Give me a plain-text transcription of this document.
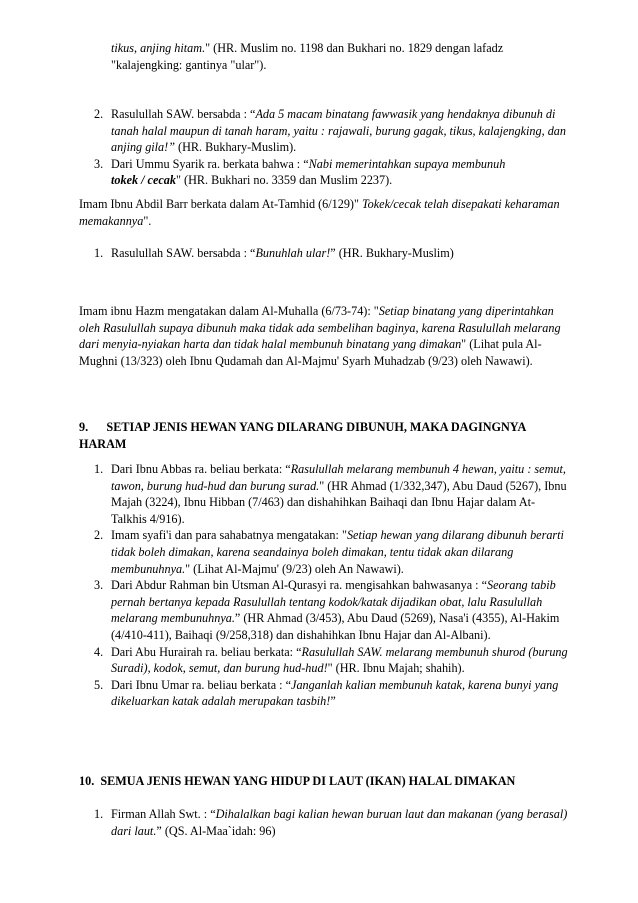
tikus, anjing hitam." (HR. Muslim no. 1198 dan Bukhari no. 1829 dengan lafadz "kalajengking: gantinya "ular").

2. Rasulullah SAW. bersabda : “Ada 5 macam binatang fawwasik yang hendaknya dibunuh di tanah halal maupun di tanah haram, yaitu : rajawali, burung gagak, tikus, kalajengking, dan anjing gila!” (HR. Bukhary-Muslim).
3. Dari Ummu Syarik ra. berkata bahwa : “Nabi memerintahkan supaya membunuh
tokek / cecak" (HR. Bukhari no. 3359 dan Muslim 2237).

Imam Ibnu Abdil Barr berkata dalam At-Tamhid (6/129)" Tokek/cecak telah disepakati keharaman memakannya".

1. Rasulullah SAW. bersabda : “Bunuhlah ular!” (HR. Bukhary-Muslim)

Imam ibnu Hazm mengatakan dalam Al-Muhalla (6/73-74): "Setiap binatang yang diperintahkan oleh Rasulullah supaya dibunuh maka tidak ada sembelihan baginya, karena Rasulullah melarang dari menyia-nyiakan harta dan tidak halal membunuh binatang yang dimakan" (Lihat pula Al-Mughni (13/323) oleh Ibnu Qudamah dan Al-Majmu' Syarh Muhadzab (9/23) oleh Nawawi).

9.      SETIAP JENIS HEWAN YANG DILARANG DIBUNUH, MAKA DAGINGNYA HARAM

1. Dari Ibnu Abbas ra. beliau berkata: “Rasulullah melarang membunuh 4 hewan, yaitu : semut, tawon, burung hud-hud dan burung surad." (HR Ahmad (1/332,347), Abu Daud (5267), Ibnu Majah (3224), Ibnu Hibban (7/463) dan dishahihkan Baihaqi dan Ibnu Hajar dalam At-Talkhis 4/916).
2. Imam syafi'i dan para sahabatnya mengatakan: "Setiap hewan yang dilarang dibunuh berarti tidak boleh dimakan, karena seandainya boleh dimakan, tentu tidak akan dilarang membunuhnya." (Lihat Al-Majmu' (9/23) oleh An Nawawi).
3. Dari Abdur Rahman bin Utsman Al-Qurasyi ra. mengisahkan bahwasanya : “Seorang tabib pernah bertanya kepada Rasulullah tentang kodok/katak dijadikan obat, lalu Rasulullah melarang membunuhnya.” (HR Ahmad (3/453), Abu Daud (5269), Nasa'i (4355), Al-Hakim (4/410-411), Baihaqi (9/258,318) dan dishahihkan Ibnu Hajar dan Al-Albani).
4. Dari Abu Hurairah ra. beliau berkata: “Rasulullah SAW. melarang membunuh shurod (burung Suradi), kodok, semut, dan burung hud-hud!" (HR. Ibnu Majah; shahih).
5. Dari Ibnu Umar ra. beliau berkata : “Janganlah kalian membunuh katak, karena bunyi yang dikeluarkan katak adalah merupakan tasbih!”

10.  SEMUA JENIS HEWAN YANG HIDUP DI LAUT (IKAN) HALAL DIMAKAN

1. Firman Allah Swt. : “Dihalalkan bagi kalian hewan buruan laut dan makanan (yang berasal) dari laut.” (QS. Al-Maa`idah: 96)
